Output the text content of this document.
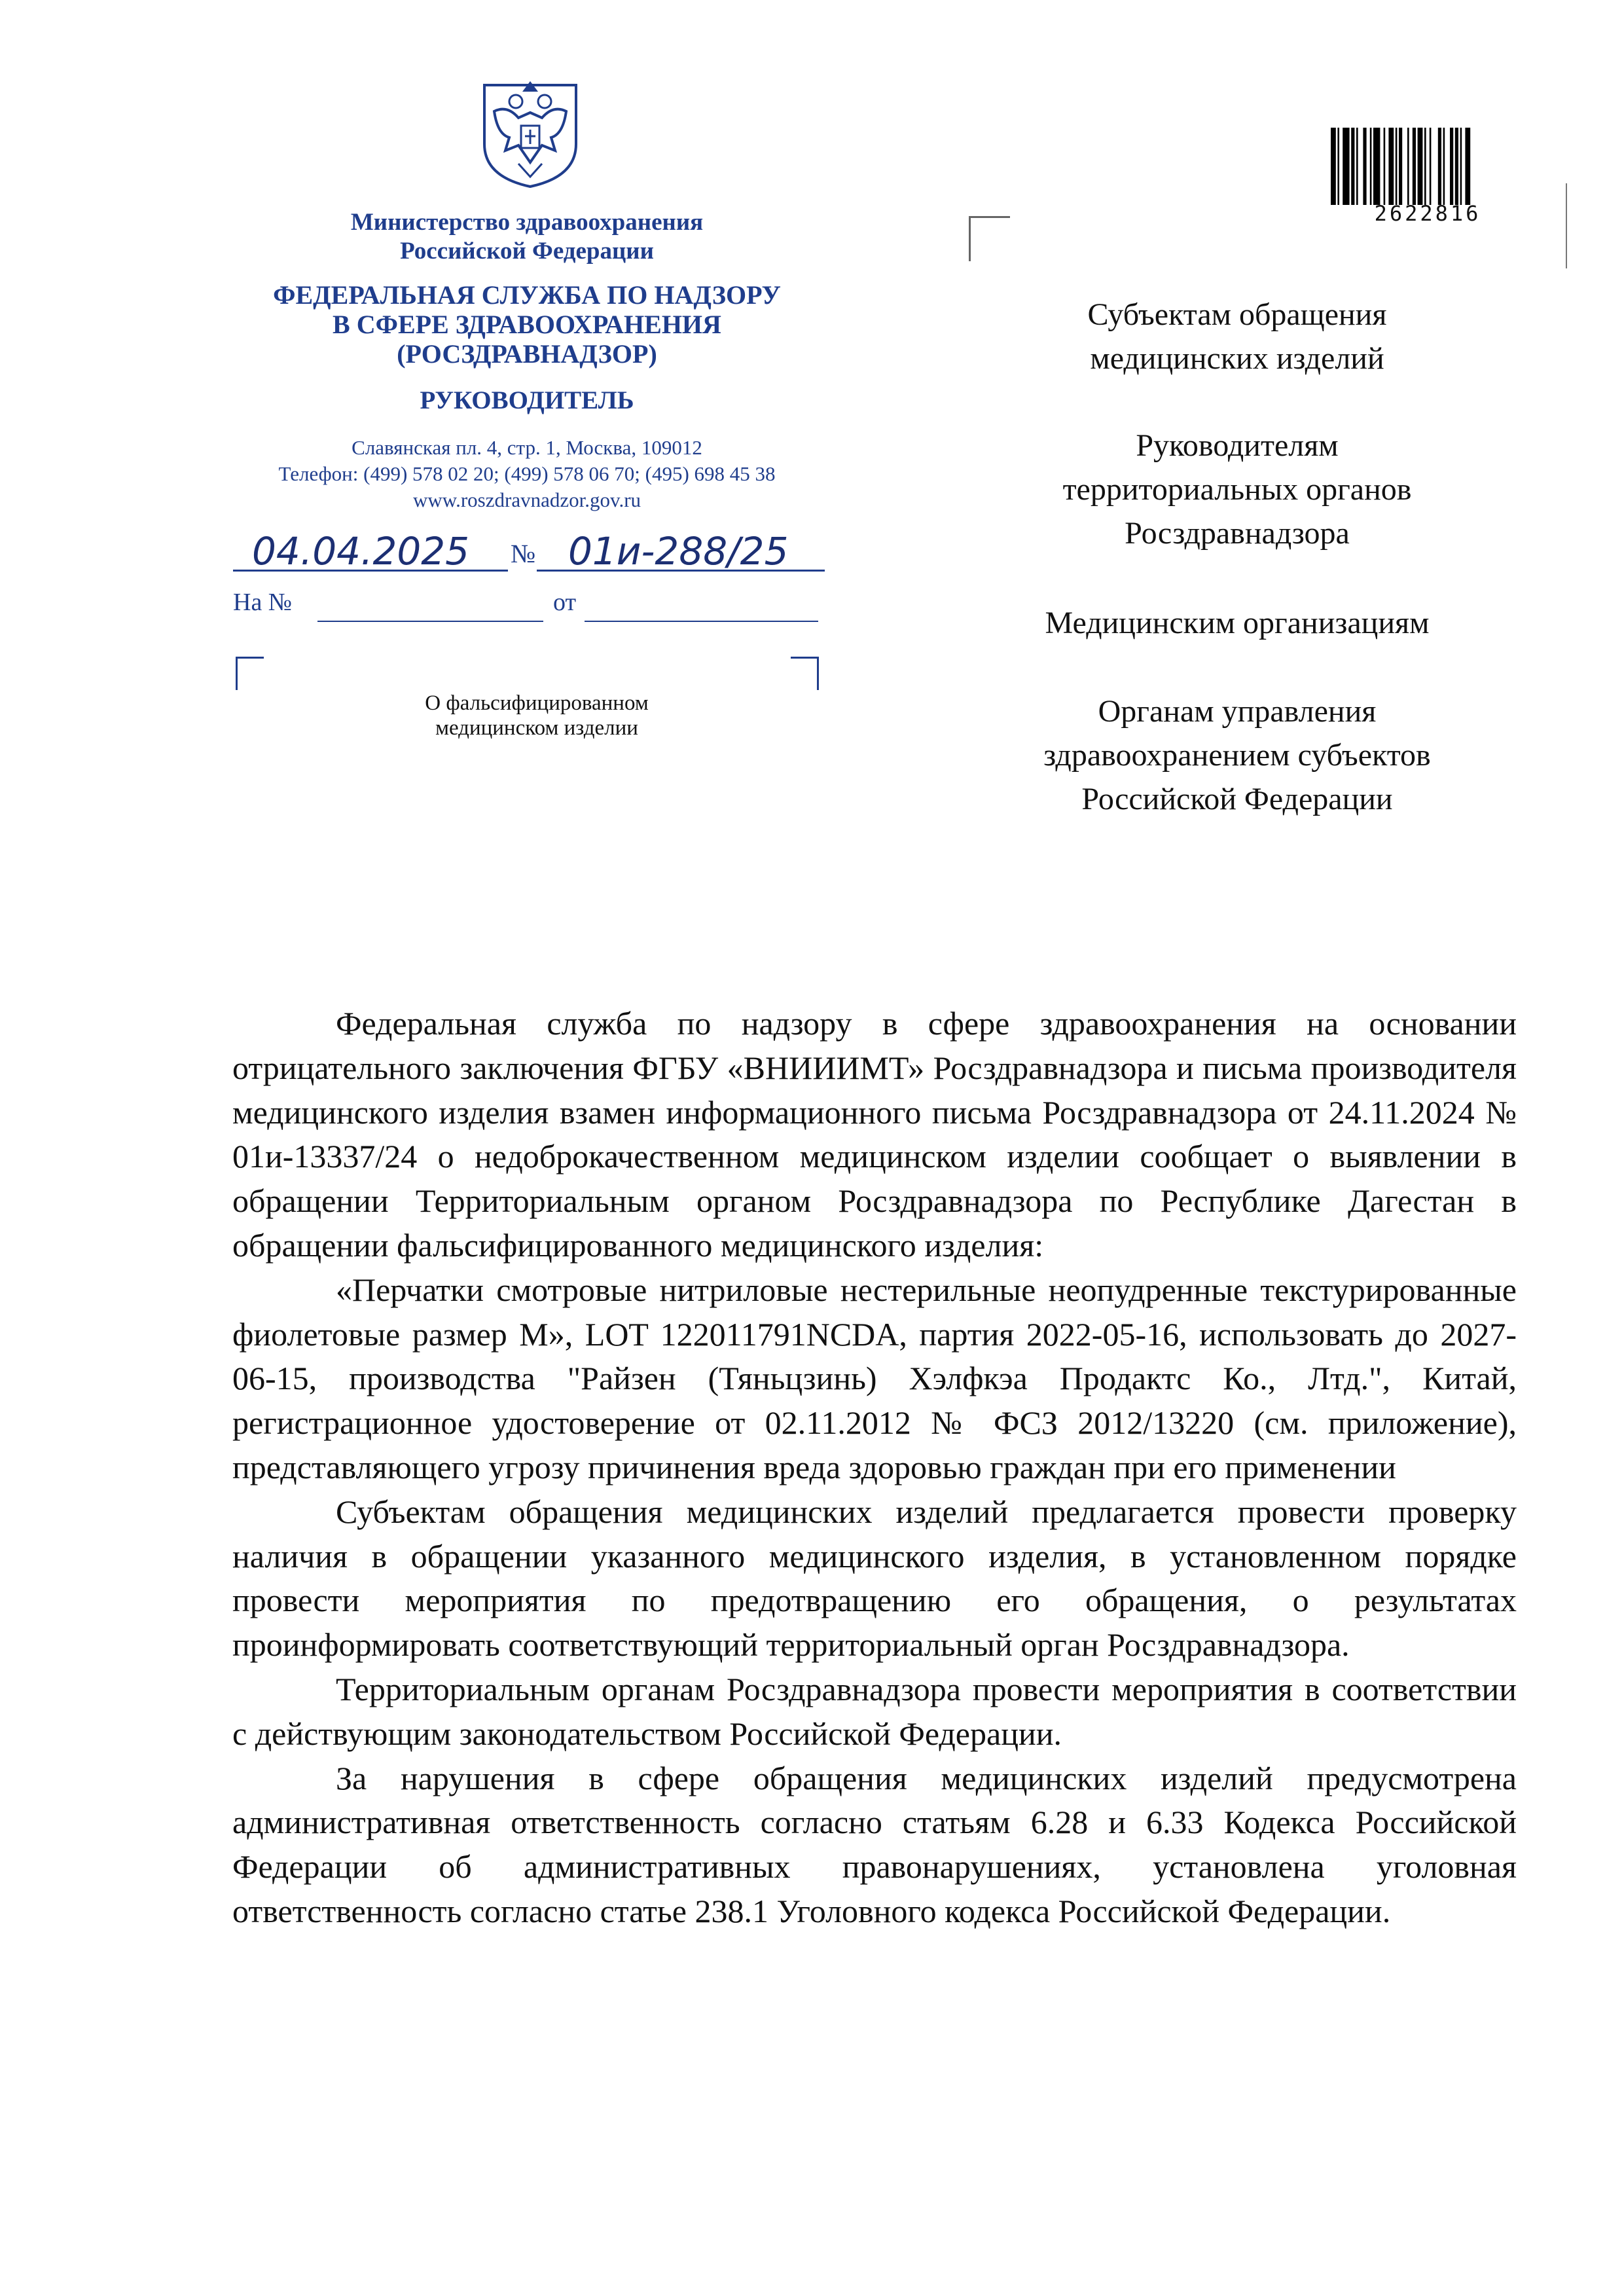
Министерство здравоохранения
Российской Федерации
ФЕДЕРАЛЬНАЯ СЛУЖБА ПО НАДЗОРУ
В СФЕРЕ ЗДРАВООХРАНЕНИЯ
(РОСЗДРАВНАДЗОР)
РУКОВОДИТЕЛЬ
Славянская пл. 4, стр. 1, Москва, 109012
Телефон: (499) 578 02 20; (499) 578 06 70; (495) 698 45 38
www.roszdravnadzor.gov.ru
04.04.2025 № 01и-288/25
На №	от
О фальсифицированном
медицинском изделии
2622816
Субъектам обращения
медицинских изделий
Руководителям
территориальных органов
Росздравнадзора
Медицинским организациям
Органам управления
здравоохранением субъектов
Российской Федерации

Федеральная служба по надзору в сфере здравоохранения на основании отрицательного заключения ФГБУ «ВНИИИМТ» Росздравнадзора и письма производителя медицинского изделия взамен информационного письма Росздравнадзора от 24.11.2024 № 01и-13337/24 о недоброкачественном медицинском изделии сообщает о выявлении в обращении Территориальным органом Росздравнадзора по Республике Дагестан в обращении фальсифицированного медицинского изделия:

«Перчатки смотровые нитриловые нестерильные неопудренные текстурированные фиолетовые размер M», LOT 122011791NCDA, партия 2022-05-16, использовать до 2027-06-15, производства "Райзен (Тяньцзинь) Хэлфкэа Продактс Ко., Лтд.", Китай, регистрационное удостоверение от 02.11.2012 № ФСЗ 2012/13220 (см. приложение), представляющего угрозу причинения вреда здоровью граждан при его применении

Субъектам обращения медицинских изделий предлагается провести проверку наличия в обращении указанного медицинского изделия, в установленном порядке провести мероприятия по предотвращению его обращения, о результатах проинформировать соответствующий территориальный орган Росздравнадзора.

Территориальным органам Росздравнадзора провести мероприятия в соответствии с действующим законодательством Российской Федерации.

За нарушения в сфере обращения медицинских изделий предусмотрена административная ответственность согласно статьям 6.28 и 6.33 Кодекса Российской Федерации об административных правонарушениях, установлена уголовная ответственность согласно статье 238.1 Уголовного кодекса Российской Федерации.
